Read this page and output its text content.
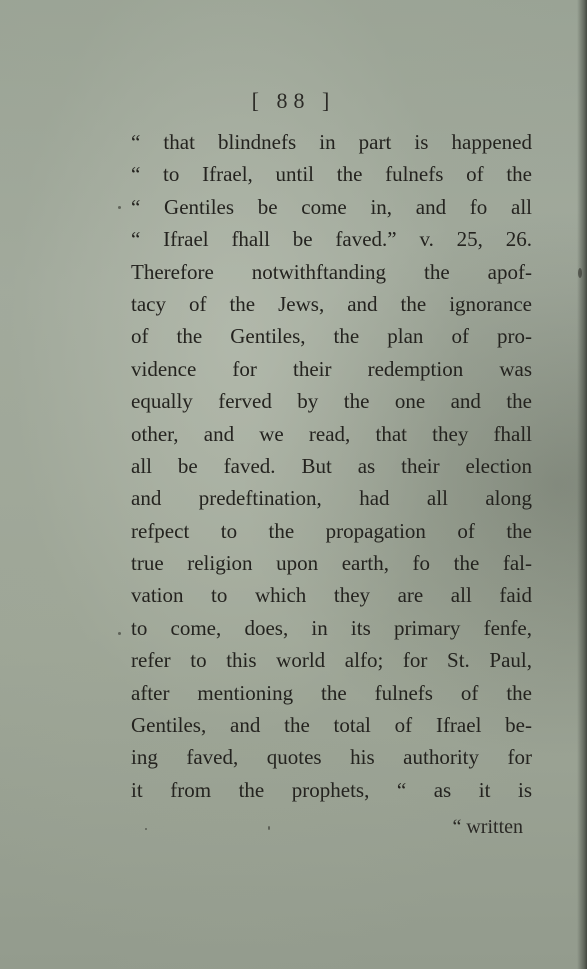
[ 88 ]
“ that blindnefs in part is happened
“ to Ifrael, until the fulnefs of the
“ Gentiles be come in, and fo all
“ Ifrael fhall be faved.” v. 25, 26.
Therefore notwithftanding the apof-
tacy of the Jews, and the ignorance
of the Gentiles, the plan of pro-
vidence for their redemption was
equally ferved by the one and the
other, and we read, that they fhall
all be faved. But as their election
and predeftination, had all along
refpect to the propagation of the
true religion upon earth, fo the fal-
vation to which they are all faid
to come, does, in its primary fenfe,
refer to this world alfo; for St. Paul,
after mentioning the fulnefs of the
Gentiles, and the total of Ifrael be-
ing faved, quotes his authority for
it from the prophets, “ as it is
“ written
